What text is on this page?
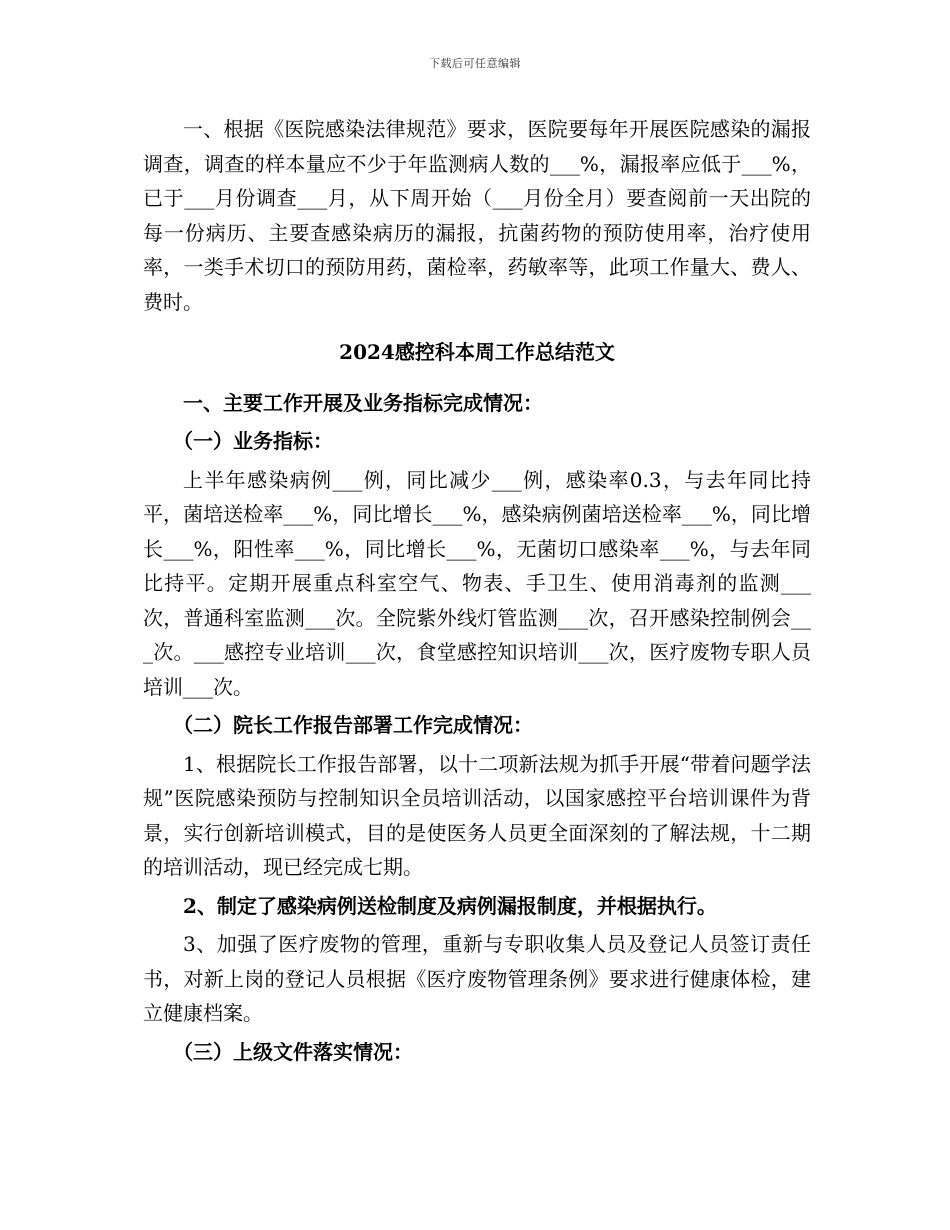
下载后可任意编辑

一、根据《医院感染法律规范》要求，医院要每年开展医院感染的漏报调查，调查的样本量应不少于年监测病人数的___%，漏报率应低于___%，已于___月份调查___月，从下周开始（___月份全月）要查阅前一天出院的每一份病历、主要查感染病历的漏报，抗菌药物的预防使用率，治疗使用率，一类手术切口的预防用药，菌检率，药敏率等，此项工作量大、费人、费时。

2024感控科本周工作总结范文
一、主要工作开展及业务指标完成情况：
（一）业务指标：

上半年感染病例___例，同比减少___例，感染率0.3，与去年同比持平，菌培送检率___%，同比增长___%，感染病例菌培送检率___%，同比增长___%，阳性率___%，同比增长___%，无菌切口感染率___%，与去年同比持平。定期开展重点科室空气、物表、手卫生、使用消毒剂的监测___次，普通科室监测___次。全院紫外线灯管监测___次，召开感染控制例会___次。___感控专业培训___次，食堂感控知识培训___次，医疗废物专职人员培训___次。

（二）院长工作报告部署工作完成情况：

1、根据院长工作报告部署，以十二项新法规为抓手开展“带着问题学法规”医院感染预防与控制知识全员培训活动，以国家感控平台培训课件为背景，实行创新培训模式，目的是使医务人员更全面深刻的了解法规，十二期的培训活动，现已经完成七期。

2、制定了感染病例送检制度及病例漏报制度，并根据执行。

3、加强了医疗废物的管理，重新与专职收集人员及登记人员签订责任书，对新上岗的登记人员根据《医疗废物管理条例》要求进行健康体检，建立健康档案。

（三）上级文件落实情况：
